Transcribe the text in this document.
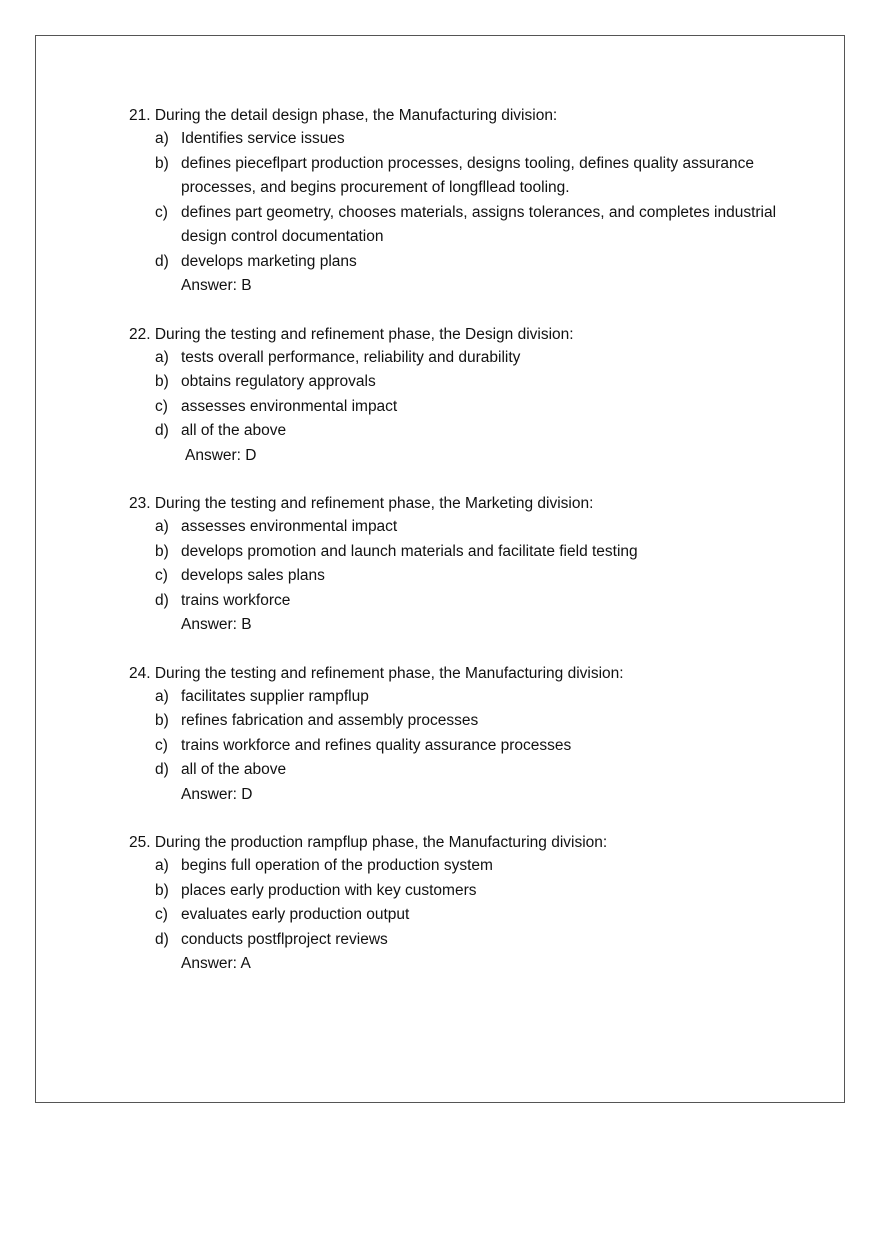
21. During the detail design phase, the Manufacturing division:
a) Identifies service issues
b) defines pieceflpart production processes, designs tooling, defines quality assurance processes, and begins procurement of longfllead tooling.
c) defines part geometry, chooses materials, assigns tolerances, and completes industrial design control documentation
d) develops marketing plans
Answer: B
22. During the testing and refinement phase, the Design division:
a) tests overall performance, reliability and durability
b) obtains regulatory approvals
c) assesses environmental impact
d) all of the above
Answer: D
23. During the testing and refinement phase, the Marketing division:
a) assesses environmental impact
b) develops promotion and launch materials and facilitate field testing
c) develops sales plans
d) trains workforce
Answer: B
24. During the testing and refinement phase, the Manufacturing division:
a) facilitates supplier rampflup
b) refines fabrication and assembly processes
c) trains workforce and refines quality assurance processes
d) all of the above
Answer: D
25. During the production rampflup phase, the Manufacturing division:
a) begins full operation of the production system
b) places early production with key customers
c) evaluates early production output
d) conducts postflproject reviews
Answer: A
